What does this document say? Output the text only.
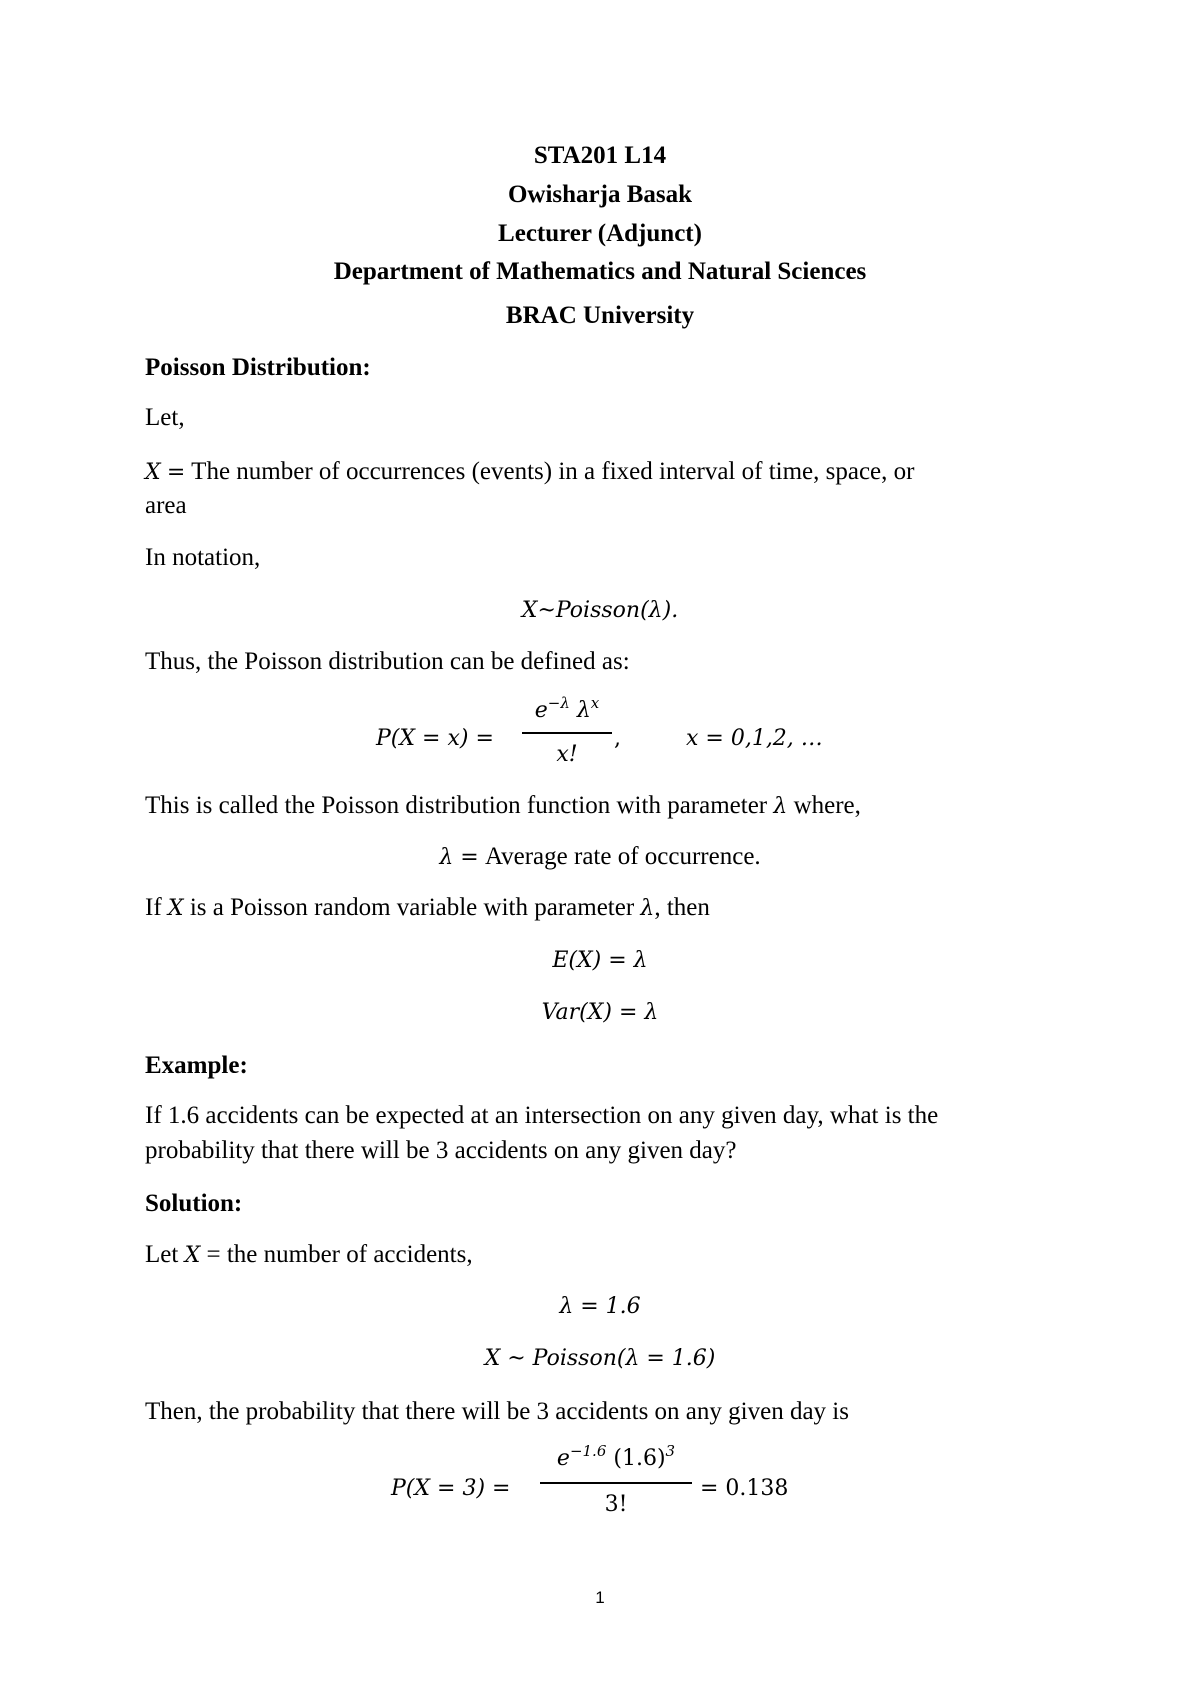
STA201 L14
Owisharja Basak
Lecturer (Adjunct)
Department of Mathematics and Natural Sciences
BRAC University
Poisson Distribution:
Let,
X = The number of occurrences (events) in a fixed interval of time, space, or
area
In notation,
X~Poisson(λ).
Thus, the Poisson distribution can be defined as:
P(X = x) =
$e^{-\lambda}$ $\lambda^x$
x!
,	x = 0,1,2, …
This is called the Poisson distribution function with parameter λ where,
λ = Average rate of occurrence.
If X is a Poisson random variable with parameter λ, then
E(X) = λ
Var(X) = λ
Example:
If 1.6 accidents can be expected at an intersection on any given day, what is the
probability that there will be 3 accidents on any given day?
Solution:
Let X = the number of accidents,
λ = 1.6
X ~ Poisson(λ = 1.6)
Then, the probability that there will be 3 accidents on any given day is
P(X = 3) =
$e^{-1.6}$ $(1.6)^3$
3!
= 0.138
1
